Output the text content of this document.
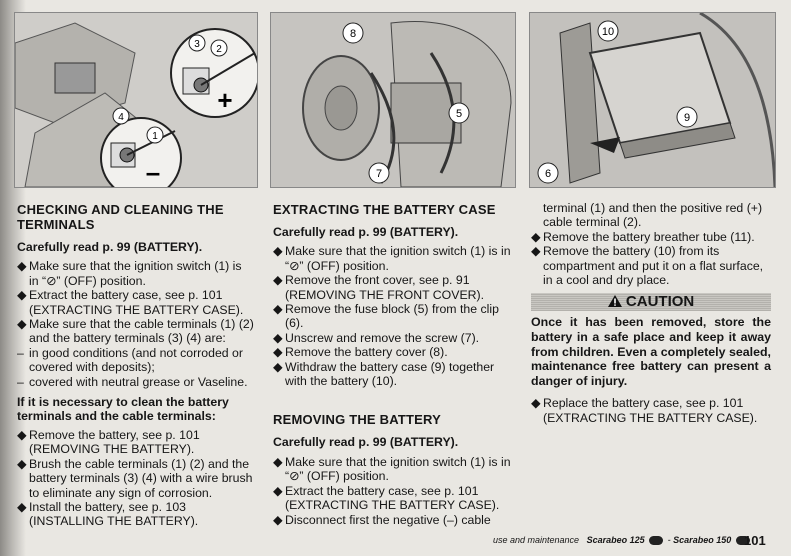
3 2
4
1
+
–
8
5
7
10
9
6
CHECKING AND CLEANING THE TERMINALS
Carefully read p. 99 (BATTERY).
◆ Make sure that the ignition switch (1) is in “⊘” (OFF) position.
◆ Extract the battery case, see p. 101 (EXTRACTING THE BATTERY CASE).
◆ Make sure that the cable terminals (1) (2) and the battery terminals (3) (4) are:
– in good conditions (and not corroded or covered with deposits);
– covered with neutral grease or Vaseline.
If it is necessary to clean the battery terminals and the cable terminals:
◆ Remove the battery, see p. 101 (REMOVING THE BATTERY).
◆ Brush the cable terminals (1) (2) and the battery terminals (3) (4) with a wire brush to eliminate any sign of corrosion.
◆ Install the battery, see p. 103 (INSTALLING THE BATTERY).
EXTRACTING THE BATTERY CASE
Carefully read p. 99 (BATTERY).
◆ Make sure that the ignition switch (1) is in “⊘” (OFF) position.
◆ Remove the front cover, see p. 91 (REMOVING THE FRONT COVER).
◆ Remove the fuse block (5) from the clip (6).
◆ Unscrew and remove the screw (7).
◆ Remove the battery cover (8).
◆ Withdraw the battery case (9) together with the battery (10).
REMOVING THE BATTERY
Carefully read p. 99 (BATTERY).
◆ Make sure that the ignition switch (1) is in “⊘” (OFF) position.
◆ Extract the battery case, see p. 101 (EXTRACTING THE BATTERY CASE).
◆ Disconnect first the negative (–) cable
terminal (1) and then the positive red (+) cable terminal (2).
◆ Remove the battery breather tube (11).
◆ Remove the battery (10) from its compartment and put it on a flat surface, in a cool and dry place.
CAUTION
Once it has been removed, store the battery in a safe place and keep it away from children. Even a completely sealed, maintenance free battery can present a danger of injury.
◆ Replace the battery case, see p. 101 (EXTRACTING THE BATTERY CASE).
use and maintenance Scarabeo 125	- Scarabeo 150 101
